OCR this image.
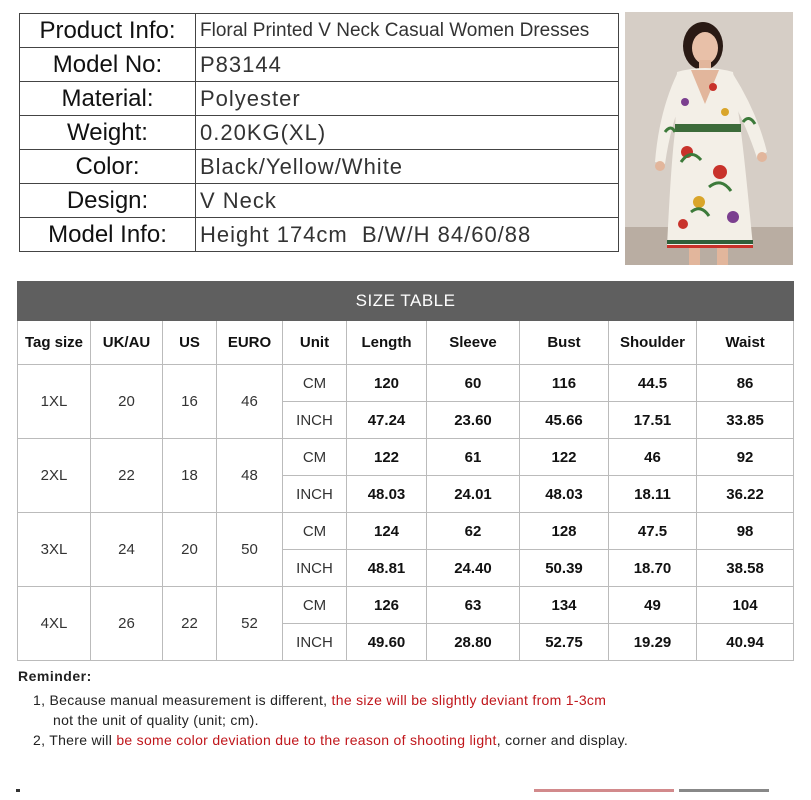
Product Info:	Floral Printed V Neck Casual Women Dresses
Model No:	P83144
Material:	Polyester
Weight:	0.20KG(XL)
Color:	Black/Yellow/White
Design:	V Neck
Model Info:	Height 174cm  B/W/H 84/60/88
SIZE TABLE									
Tag size	UK/AU	US	EURO	Unit	Length	Sleeve	Bust	Shoulder	Waist
1XL	20	16	46	CM	120	60	116	44.5	86
				INCH	47.24	23.60	45.66	17.51	33.85
2XL	22	18	48	CM	122	61	122	46	92
				INCH	48.03	24.01	48.03	18.11	36.22
3XL	24	20	50	CM	124	62	128	47.5	98
				INCH	48.81	24.40	50.39	18.70	38.58
4XL	26	22	52	CM	126	63	134	49	104
				INCH	49.60	28.80	52.75	19.29	40.94
Reminder:
1, Because manual measurement is different, the size will be slightly deviant from 1-3cm
not the unit of quality (unit; cm).
2, There will be some color deviation due to the reason of shooting light, corner and display.
